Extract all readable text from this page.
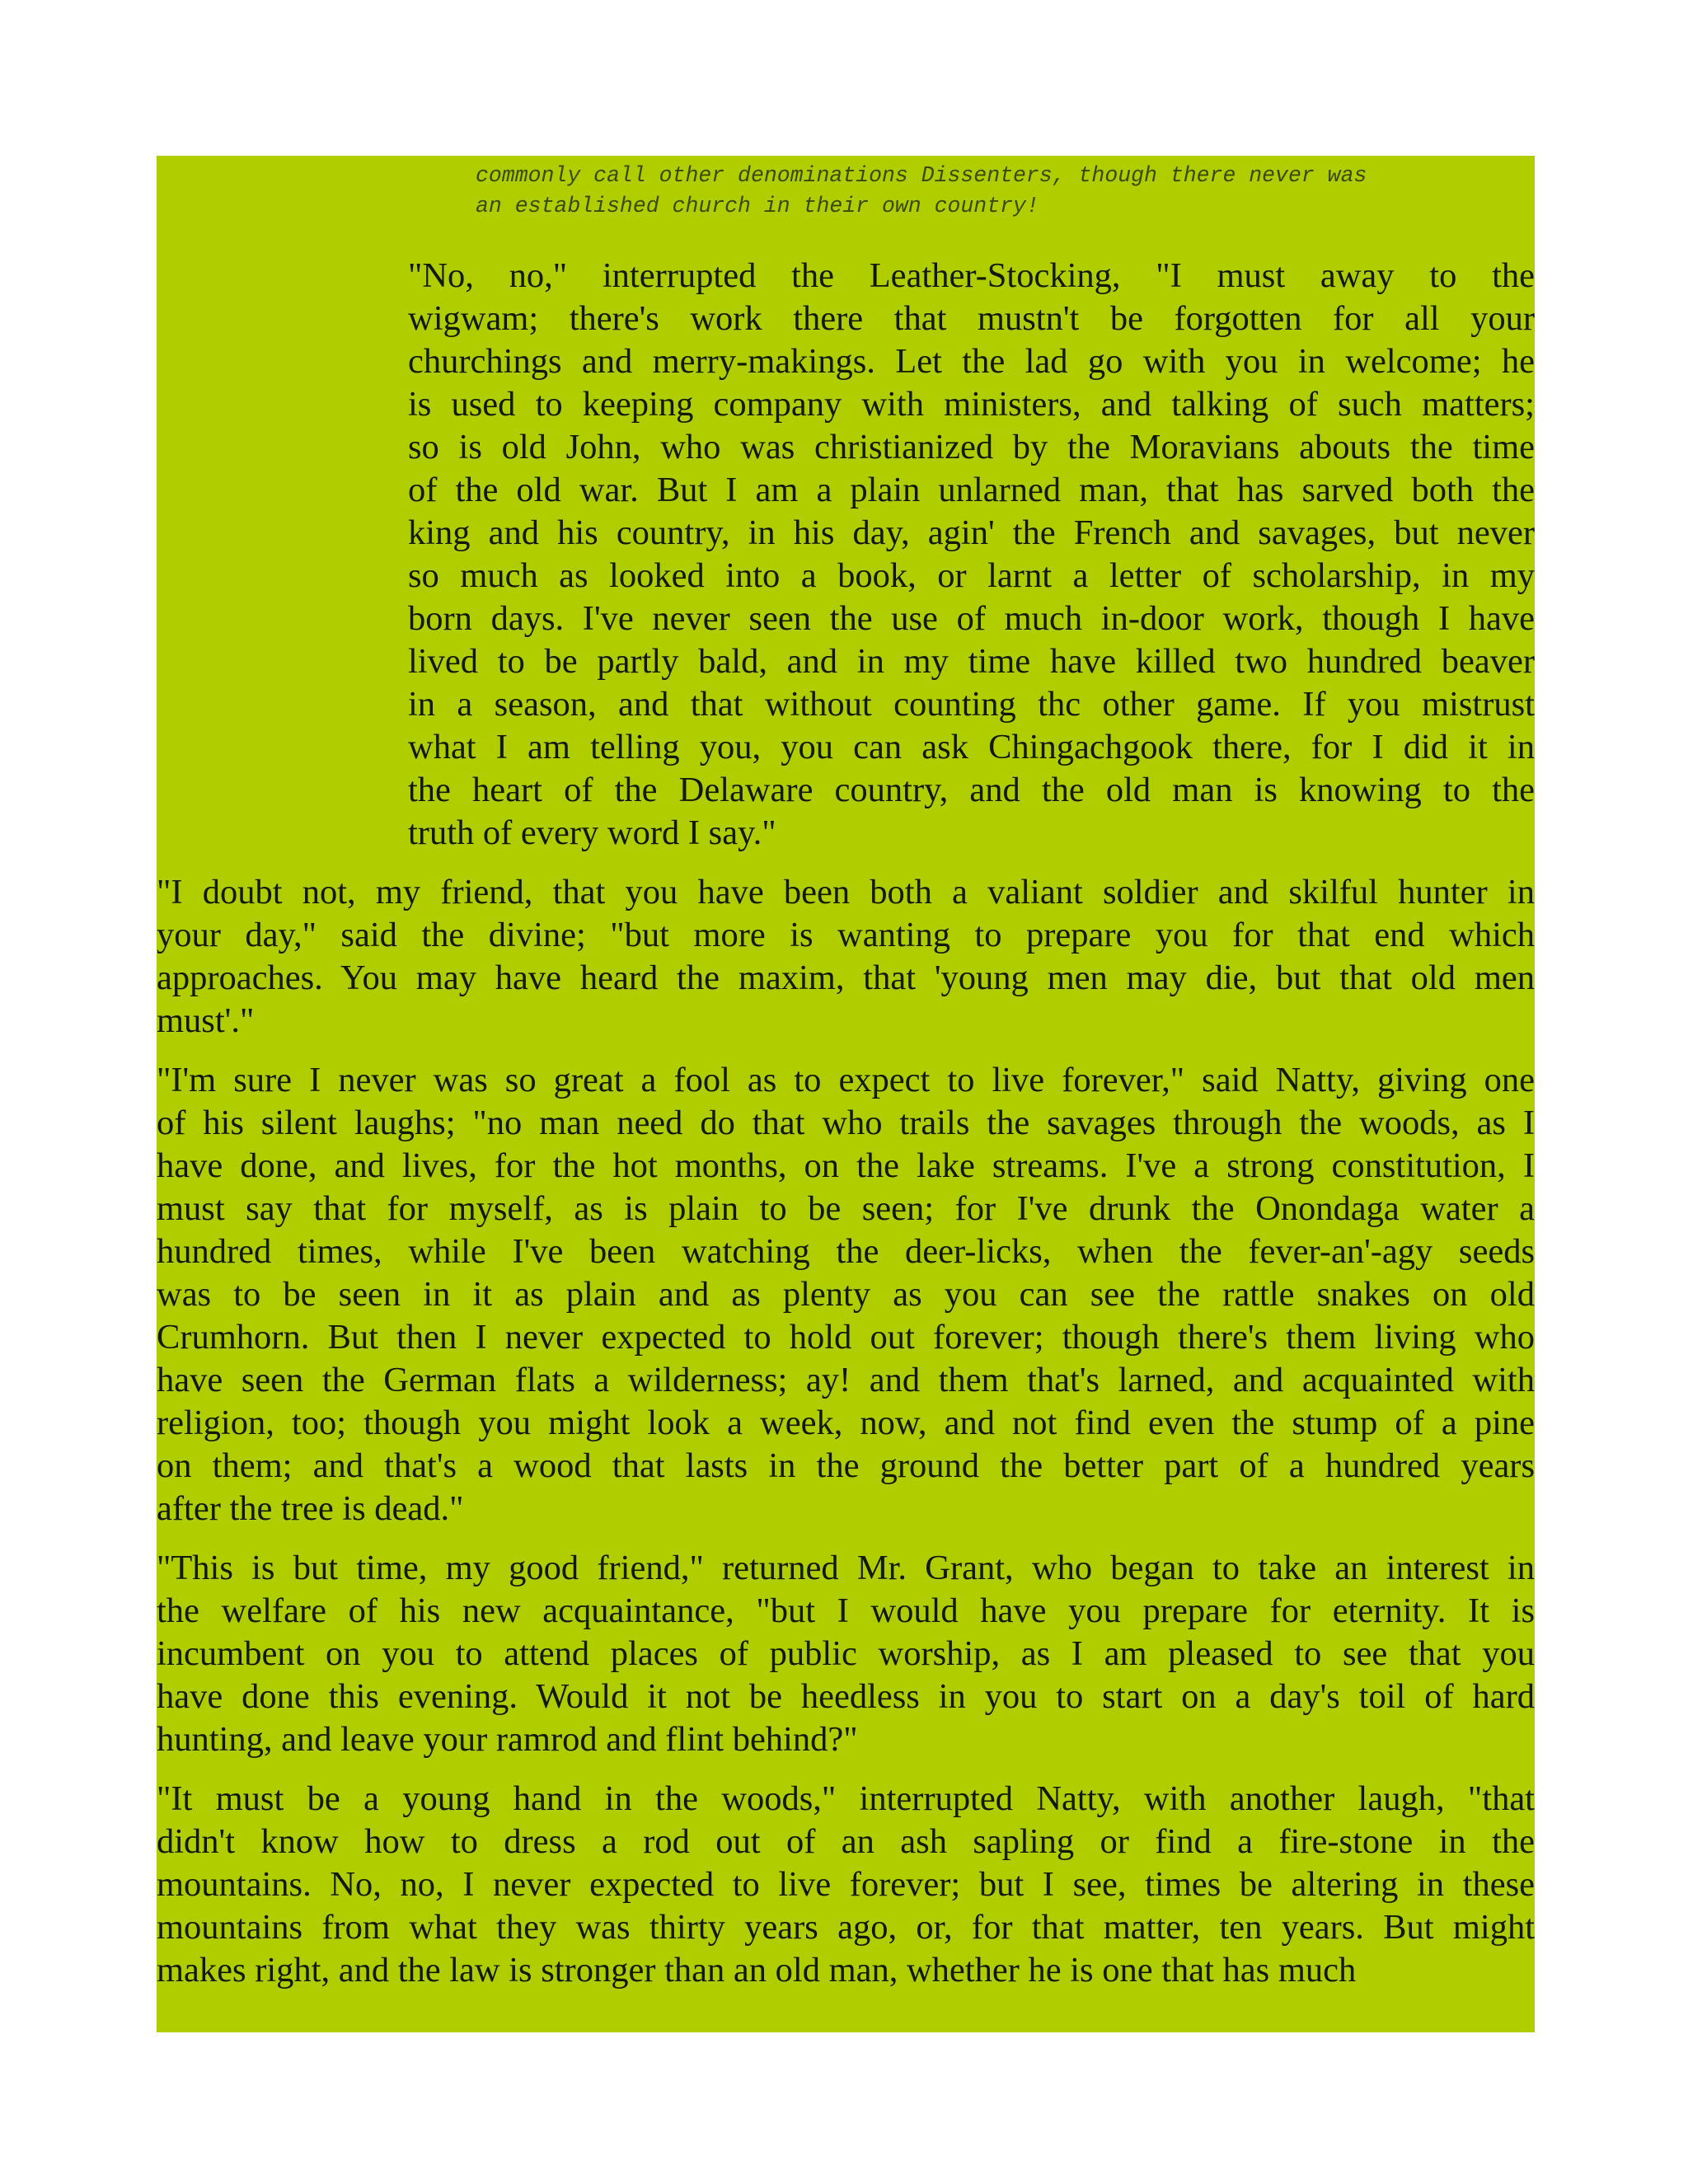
commonly call other denominations Dissenters, though there never was
an established church in their own country!

"No, no," interrupted the Leather-Stocking, "I must away to the
wigwam; there's work there that mustn't be forgotten for all your
churchings and merry-makings. Let the lad go with you in welcome; he
is used to keeping company with ministers, and talking of such matters;
so is old John, who was christianized by the Moravians abouts the time
of the old war. But I am a plain unlarned man, that has sarved both the
king and his country, in his day, agin' the French and savages, but never
so much as looked into a book, or larnt a letter of scholarship, in my
born days. I've never seen the use of much in-door work, though I have
lived to be partly bald, and in my time have killed two hundred beaver
in a season, and that without counting thc other game. If you mistrust
what I am telling you, you can ask Chingachgook there, for I did it in
the heart of the Delaware country, and the old man is knowing to the
truth of every word I say."

"I doubt not, my friend, that you have been both a valiant soldier and skilful hunter in
your day," said the divine; "but more is wanting to prepare you for that end which
approaches. You may have heard the maxim, that 'young men may die, but that old men
must'."

"I'm sure I never was so great a fool as to expect to live forever," said Natty, giving one
of his silent laughs; "no man need do that who trails the savages through the woods, as I
have done, and lives, for the hot months, on the lake streams. I've a strong constitution, I
must say that for myself, as is plain to be seen; for I've drunk the Onondaga water a
hundred times, while I've been watching the deer-licks, when the fever-an'-agy seeds
was to be seen in it as plain and as plenty as you can see the rattle snakes on old
Crumhorn. But then I never expected to hold out forever; though there's them living who
have seen the German flats a wilderness; ay! and them that's larned, and acquainted with
religion, too; though you might look a week, now, and not find even the stump of a pine
on them; and that's a wood that lasts in the ground the better part of a hundred years
after the tree is dead."

"This is but time, my good friend," returned Mr. Grant, who began to take an interest in
the welfare of his new acquaintance, "but I would have you prepare for eternity. It is
incumbent on you to attend places of public worship, as I am pleased to see that you
have done this evening. Would it not be heedless in you to start on a day's toil of hard
hunting, and leave your ramrod and flint behind?"

"It must be a young hand in the woods," interrupted Natty, with another laugh, "that
didn't know how to dress a rod out of an ash sapling or find a fire-stone in the
mountains. No, no, I never expected to live forever; but I see, times be altering in these
mountains from what they was thirty years ago, or, for that matter, ten years. But might
makes right, and the law is stronger than an old man, whether he is one that has much
